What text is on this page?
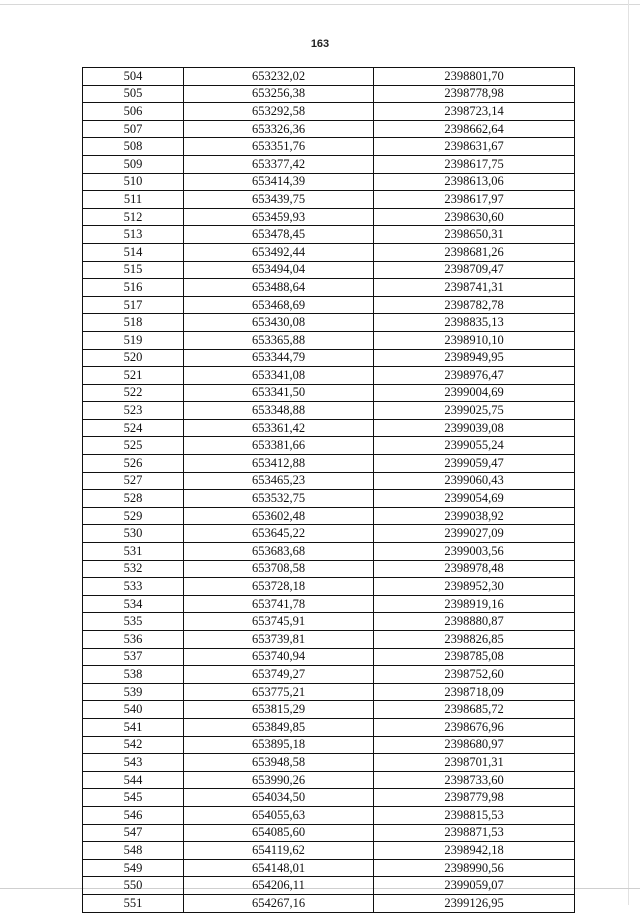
163
504	653232,02	2398801,70
505	653256,38	2398778,98
506	653292,58	2398723,14
507	653326,36	2398662,64
508	653351,76	2398631,67
509	653377,42	2398617,75
510	653414,39	2398613,06
511	653439,75	2398617,97
512	653459,93	2398630,60
513	653478,45	2398650,31
514	653492,44	2398681,26
515	653494,04	2398709,47
516	653488,64	2398741,31
517	653468,69	2398782,78
518	653430,08	2398835,13
519	653365,88	2398910,10
520	653344,79	2398949,95
521	653341,08	2398976,47
522	653341,50	2399004,69
523	653348,88	2399025,75
524	653361,42	2399039,08
525	653381,66	2399055,24
526	653412,88	2399059,47
527	653465,23	2399060,43
528	653532,75	2399054,69
529	653602,48	2399038,92
530	653645,22	2399027,09
531	653683,68	2399003,56
532	653708,58	2398978,48
533	653728,18	2398952,30
534	653741,78	2398919,16
535	653745,91	2398880,87
536	653739,81	2398826,85
537	653740,94	2398785,08
538	653749,27	2398752,60
539	653775,21	2398718,09
540	653815,29	2398685,72
541	653849,85	2398676,96
542	653895,18	2398680,97
543	653948,58	2398701,31
544	653990,26	2398733,60
545	654034,50	2398779,98
546	654055,63	2398815,53
547	654085,60	2398871,53
548	654119,62	2398942,18
549	654148,01	2398990,56
550	654206,11	2399059,07
551	654267,16	2399126,95
